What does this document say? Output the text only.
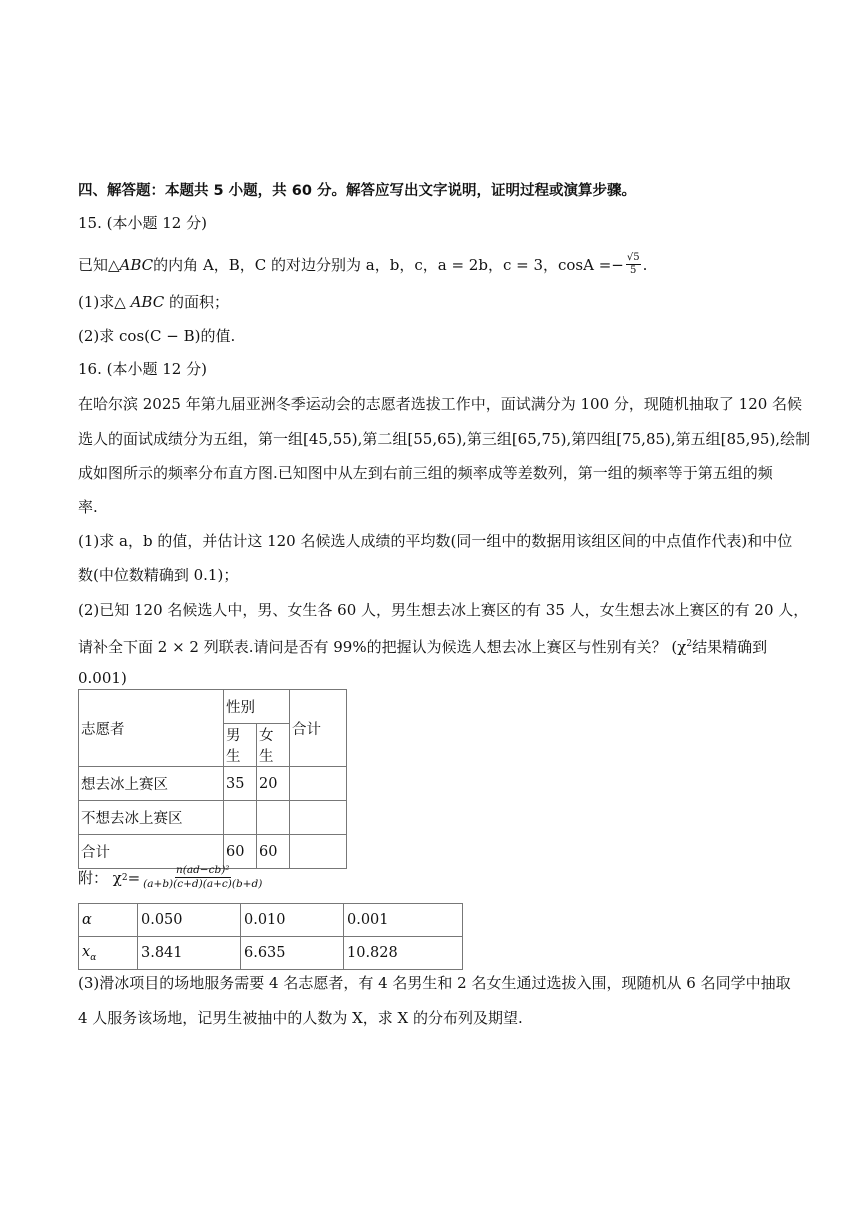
四、解答题：本题共 5 小题，共 60 分。解答应写出文字说明，证明过程或演算步骤。
15. (本小题 12 分)
已知△ ABC 的内角 A，B，C 的对边分别为 a，b，c，a = 2b，c = 3，$\cos A =- \frac{√5}{5}$ .
(1)求△ ABC 的面积；
(2)求 cos(C − B)的值.
16. (本小题 12 分)
在哈尔滨 2025 年第九届亚洲冬季运动会的志愿者选拔工作中，面试满分为 100 分，现随机抽取了 120 名候
选人的面试成绩分为五组，第一组[45,55),第二组[55,65),第三组[65,75),第四组[75,85),第五组[85,95),绘制
成如图所示的频率分布直方图.已知图中从左到右前三组的频率成等差数列，第一组的频率等于第五组的频
率.
(1)求 a，b 的值，并估计这 120 名候选人成绩的平均数(同一组中的数据用该组区间的中点值作代表)和中位
数(中位数精确到 0.1)；
(2)已知 120 名候选人中，男、女生各 60 人，男生想去冰上赛区的有 35 人，女生想去冰上赛区的有 20 人，
请补全下面 2 × 2 列联表.请问是否有 99%的把握认为候选人想去冰上赛区与性别有关？ ($\chi^2$结果精确到
0.001)
志愿者	性别		合计
	男生	女生	
想去冰上赛区	35	20	
不想去冰上赛区			
合计	60	60	
附： χ $2 = \frac{\text{n(ad−cb)²}}{(a+b)(c+d)(a+c)(b+d)}$
α	0.050	0.010	0.001
$x_\alpha$	3.841	6.635	10.828
(3)滑冰项目的场地服务需要 4 名志愿者，有 4 名男生和 2 名女生通过选拔入围，现随机从 6 名同学中抽取
4 人服务该场地，记男生被抽中的人数为 X，求 X 的分布列及期望.
